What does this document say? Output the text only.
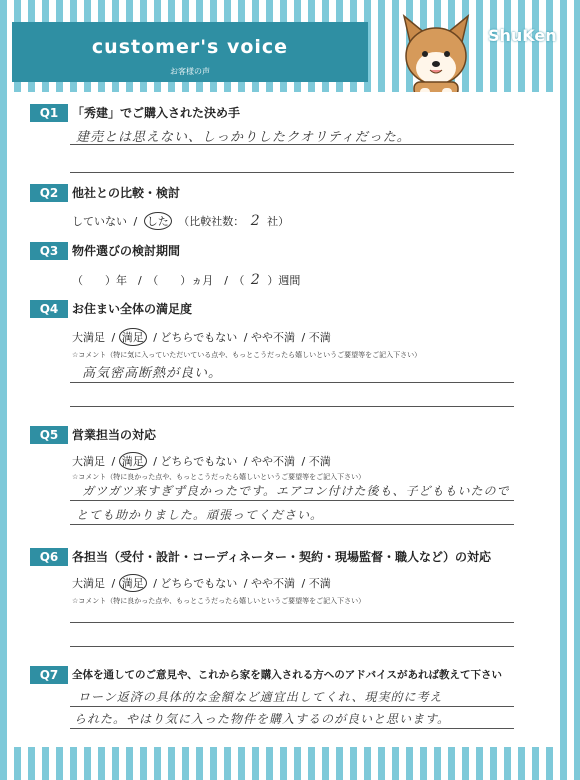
customer's voice
お客様の声
ShuKen
Q1	「秀建」でご購入された決め手
建売とは思えない、しっかりしたクオリティだった。
Q2	他社との比較・検討
していない / した （比較社数： 2 社）
Q3	物件選びの検討期間
（　　）年　/　（　　）ヵ月　/　（ 2 ）週間
Q4	お住まい全体の満足度
大満足 / 満足 / どちらでもない / やや不満 / 不満
☆コメント（特に気に入っていただいている点や、もっとこうだったら嬉しいというご要望等をご記入下さい）
高気密高断熱が良い。
Q5	営業担当の対応
大満足 / 満足 / どちらでもない / やや不満 / 不満
☆コメント（特に良かった点や、もっとこうだったら嬉しいというご要望等をご記入下さい）
ガツガツ来すぎず良かったです。エアコン付けた後も、子どももいたので
とても助かりました。頑張ってください。
Q6	各担当（受付・設計・コーディネーター・契約・現場監督・職人など）の対応
大満足 / 満足 / どちらでもない / やや不満 / 不満
☆コメント（特に良かった点や、もっとこうだったら嬉しいというご要望等をご記入下さい）
Q7	全体を通してのご意見や、これから家を購入される方へのアドバイスがあれば教えて下さい
ローン返済の具体的な金額など適宜出してくれ、現実的に考え
られた。やはり気に入った物件を購入するのが良いと思います。
